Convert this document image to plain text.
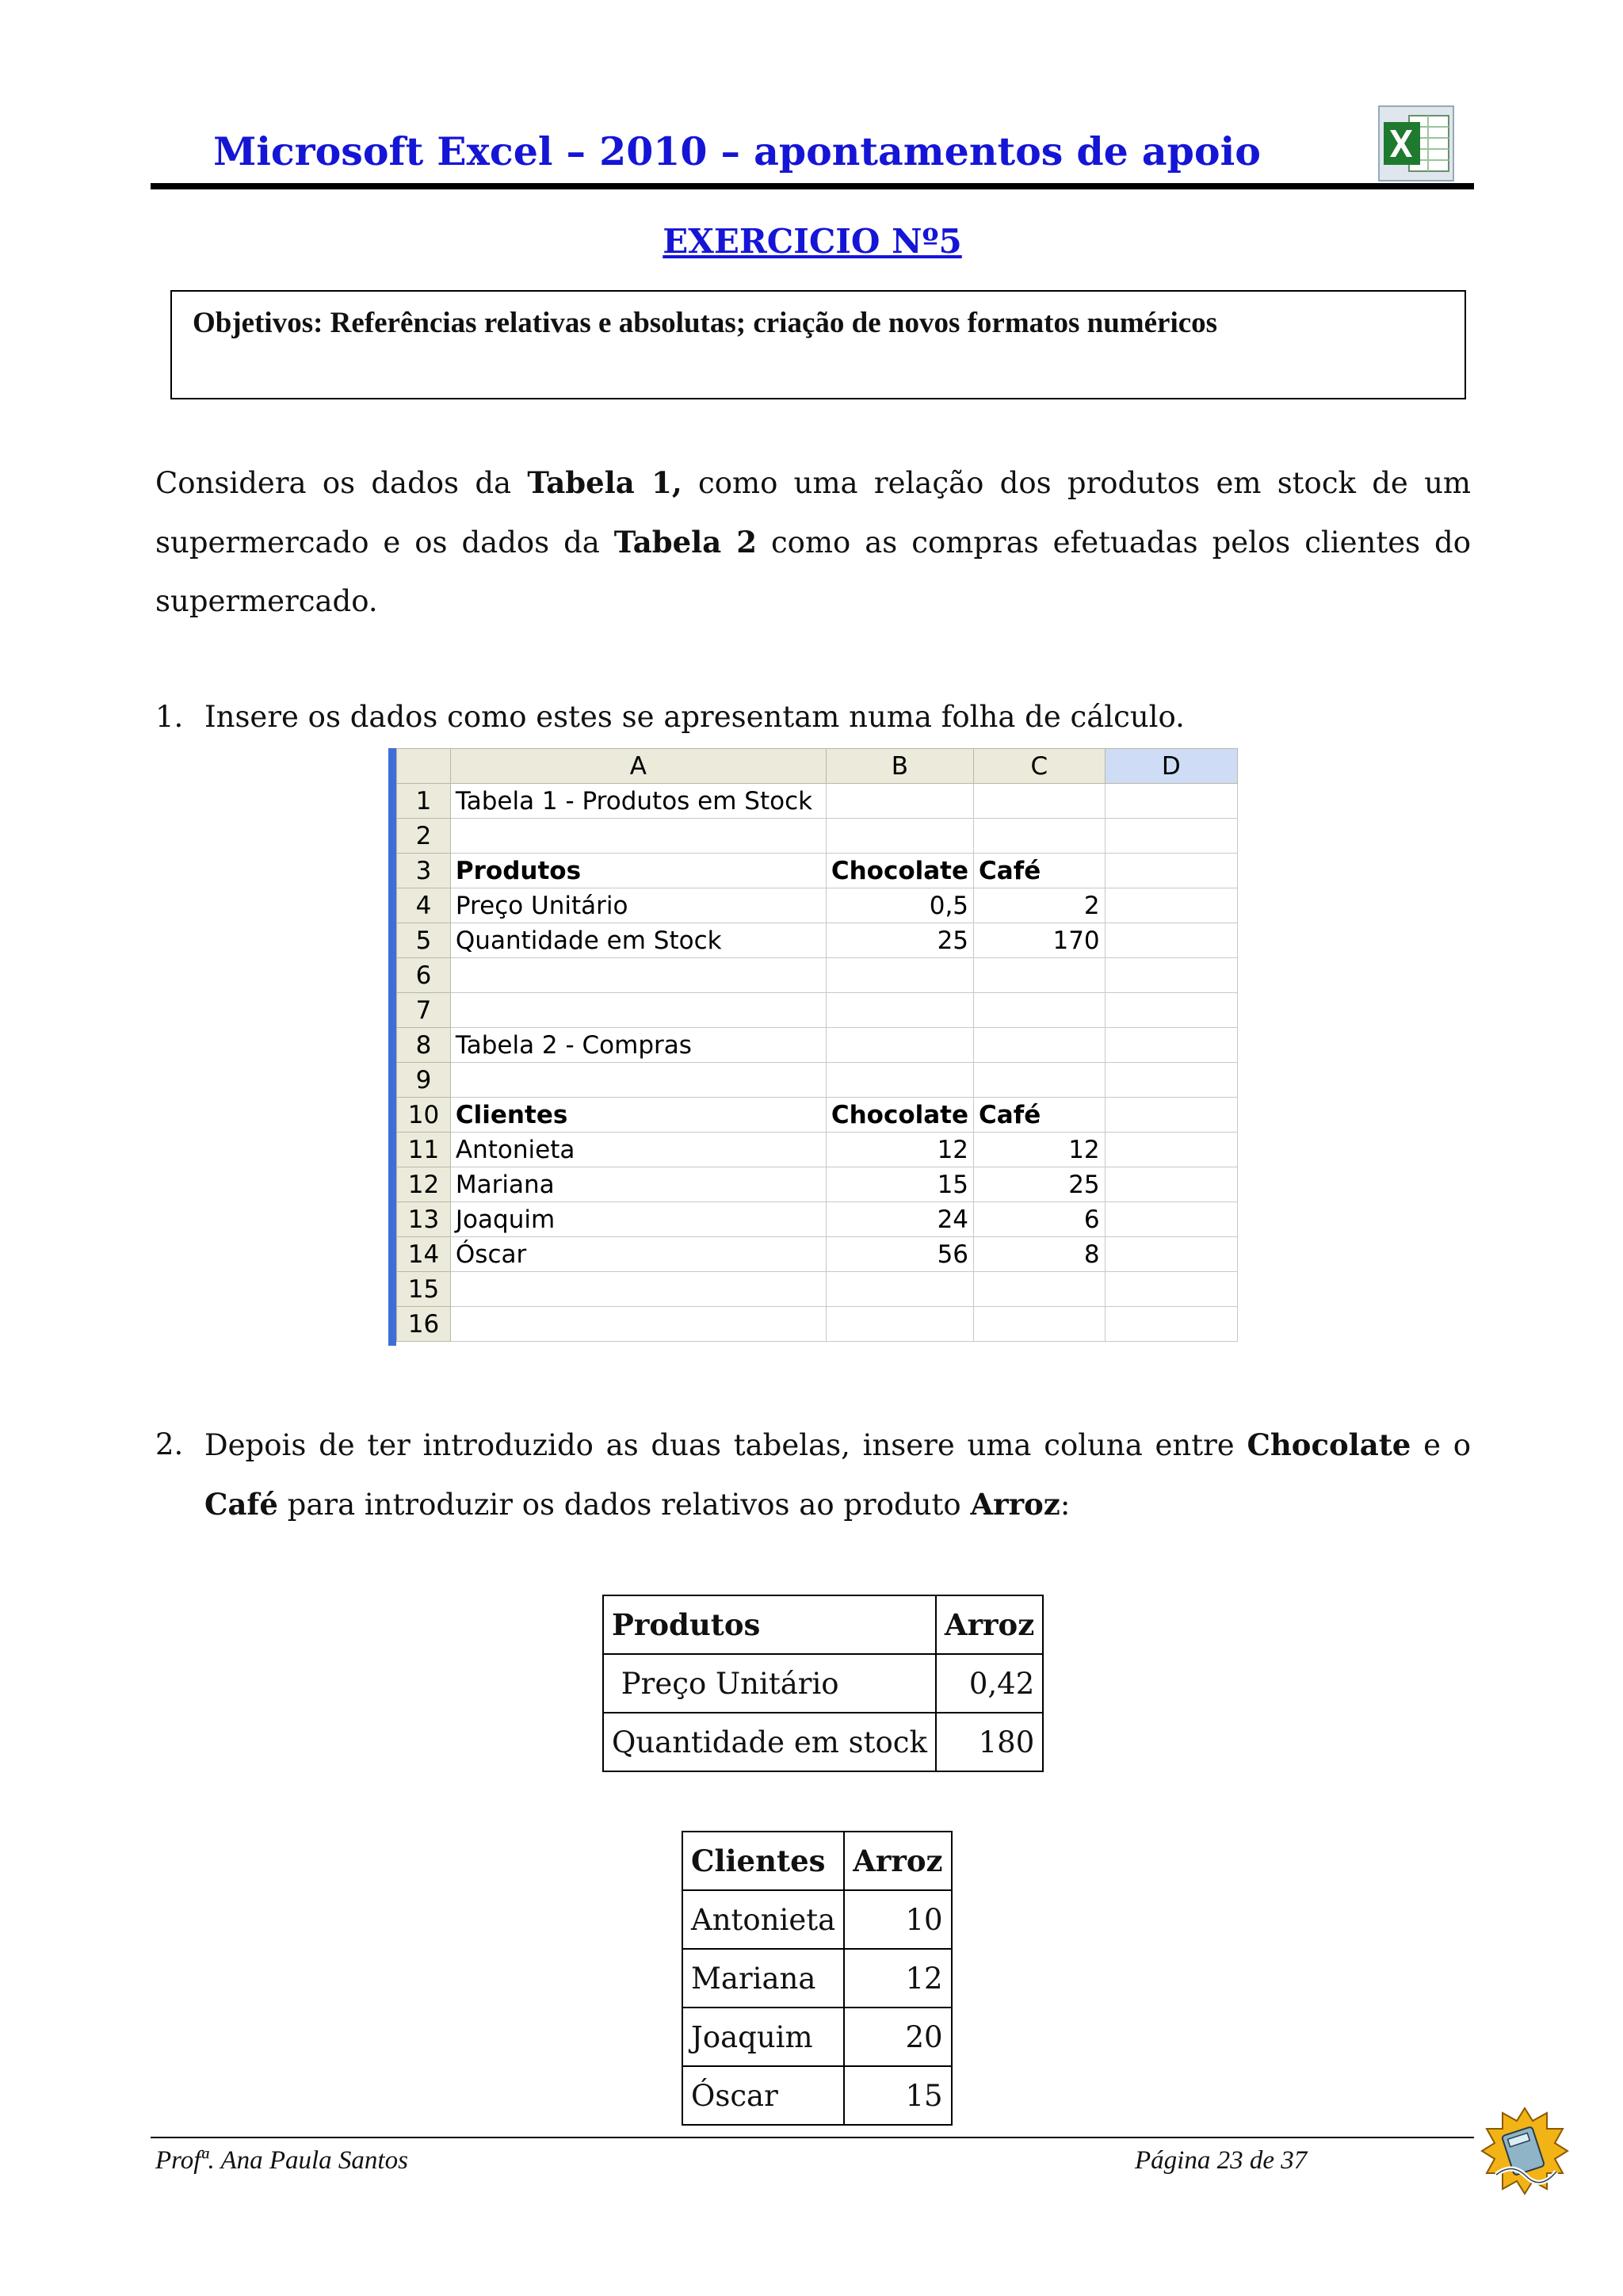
Microsoft Excel – 2010 – apontamentos de apoio
EXERCICIO Nº5
Objetivos: Referências relativas e absolutas; criação de novos formatos numéricos

Considera os dados da Tabela 1, como uma relação dos produtos em stock de um supermercado e os dados da Tabela 2 como as compras efetuadas pelos clientes do supermercado.

1. Insere os dados como estes se apresentam numa folha de cálculo.
	A	B	C	D
1	Tabela 1 - Produtos em Stock			
2				
3	Produtos	Chocolate	Café	
4	Preço Unitário	0,5	2	
5	Quantidade em Stock	25	170	
6				
7				
8	Tabela 2 - Compras			
9				
10	Clientes	Chocolate	Café	
11	Antonieta	12	12	
12	Mariana	15	25	
13	Joaquim	24	6	
14	Óscar	56	8	
15				
16				
2. Depois de ter introduzido as duas tabelas, insere uma coluna entre Chocolate e o Café para introduzir os dados relativos ao produto Arroz:
Produtos	Arroz
Preço Unitário	0,42
Quantidade em stock	180
Clientes	Arroz
Antonieta	10
Mariana	12
Joaquim	20
Óscar	15
Profª. Ana Paula Santos	Página 23 de 37
